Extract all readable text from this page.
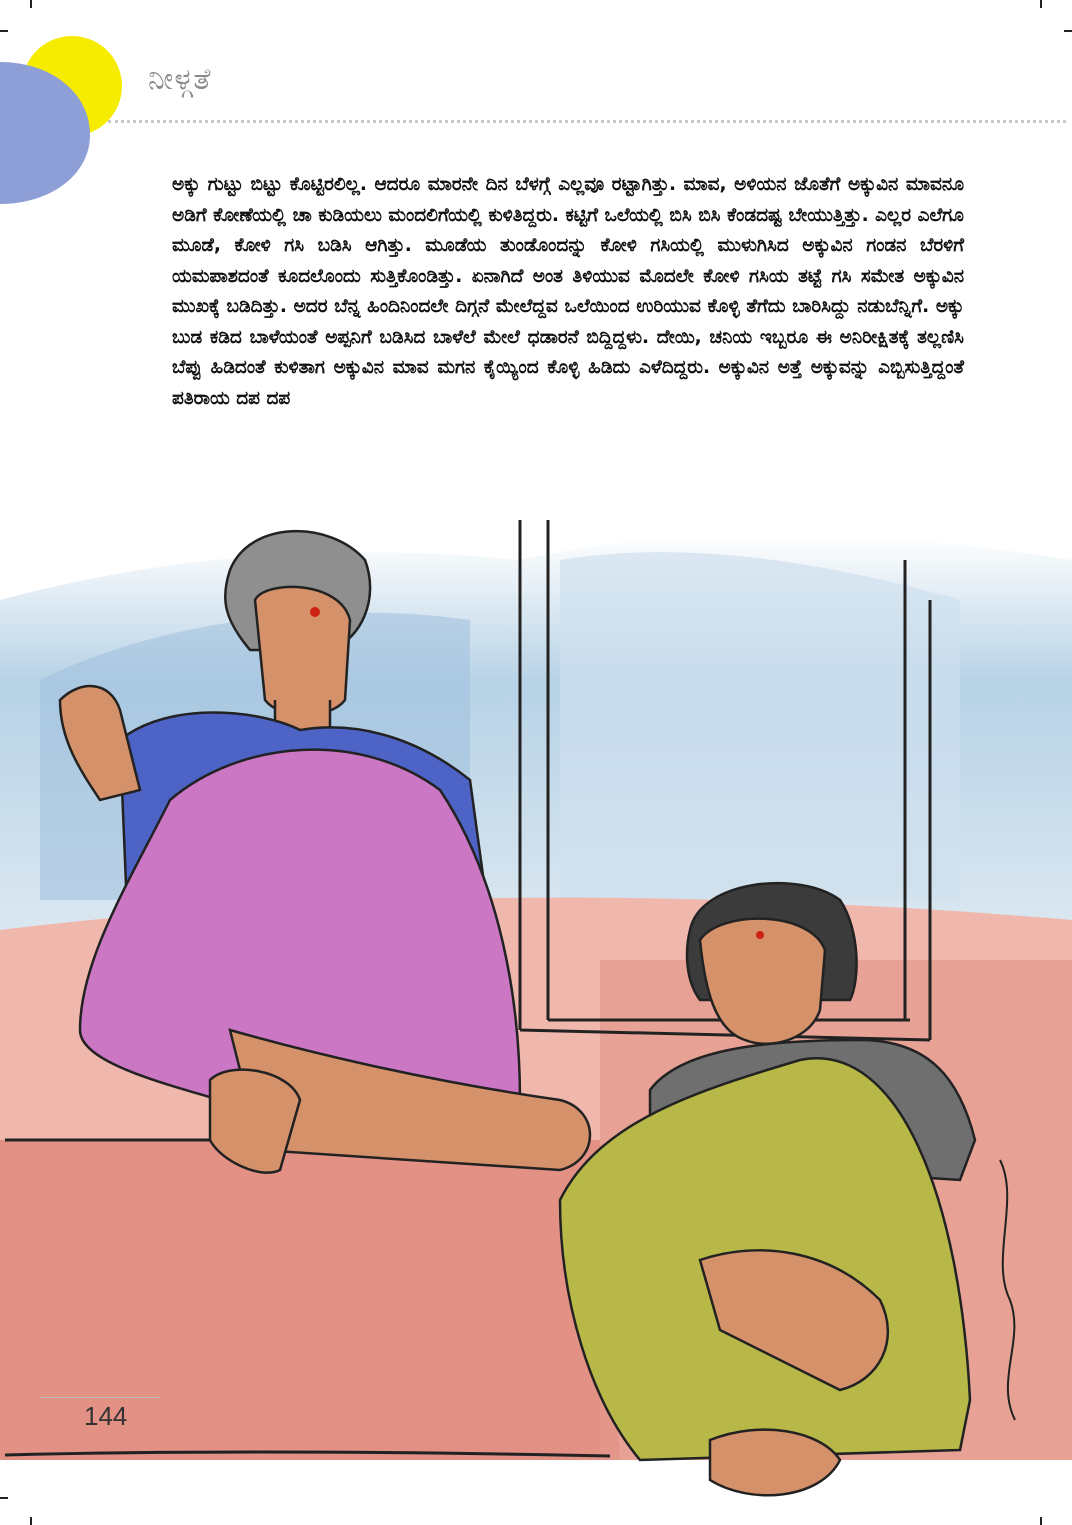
ನೀಳ್ಗತೆ

ಅಕ್ಕು ಗುಟ್ಟು ಬಿಟ್ಟು ಕೊಟ್ಟಿರಲಿಲ್ಲ. ಆದರೂ ಮಾರನೇ ದಿನ ಬೆಳಗ್ಗೆ ಎಲ್ಲವೂ ರಟ್ಟಾಗಿತ್ತು. ಮಾವ, ಅಳಿಯನ ಜೊತೆಗೆ ಅಕ್ಕುವಿನ ಮಾವನೂ ಅಡಿಗೆ ಕೋಣೆಯಲ್ಲಿ ಚಾ ಕುಡಿಯಲು ಮಂದಲಿಗೆಯಲ್ಲಿ ಕುಳಿತಿದ್ದರು. ಕಟ್ಟಿಗೆ ಒಲೆಯಲ್ಲಿ ಬಿಸಿ ಬಿಸಿ ಕೆಂಡದಷ್ಟ ಬೇಯುತ್ತಿತ್ತು. ಎಲ್ಲರ ಎಲೆಗೂ ಮೂಡೆ, ಕೋಳಿ ಗಸಿ ಬಡಿಸಿ ಆಗಿತ್ತು. ಮೂಡೆಯ ತುಂಡೊಂದನ್ನು ಕೋಳಿ ಗಸಿಯಲ್ಲಿ ಮುಳುಗಿಸಿದ ಅಕ್ಕುವಿನ ಗಂಡನ ಬೆರಳಿಗೆ ಯಮಪಾಶದಂತೆ ಕೂದಲೊಂದು ಸುತ್ತಿಕೊಂಡಿತ್ತು. ಏನಾಗಿದೆ ಅಂತ ತಿಳಿಯುವ ಮೊದಲೇ ಕೋಳಿ ಗಸಿಯ ತಟ್ಟೆ ಗಸಿ ಸಮೇತ ಅಕ್ಕುವಿನ ಮುಖಕ್ಕೆ ಬಡಿದಿತ್ತು. ಅದರ ಬೆನ್ನ ಹಿಂದಿನಿಂದಲೇ ದಿಗ್ಗನೆ ಮೇಲೆದ್ದವ ಒಲೆಯಿಂದ ಉರಿಯುವ ಕೊಳ್ಳಿ ತೆಗೆದು ಬಾರಿಸಿದ್ದು ನಡುಬೆನ್ನಿಗೆ. ಅಕ್ಕು ಬುಡ ಕಡಿದ ಬಾಳೆಯಂತೆ ಅಪ್ಪನಿಗೆ ಬಡಿಸಿದ ಬಾಳೆಲೆ ಮೇಲೆ ಧಡಾರನೆ ಬಿದ್ದಿದ್ದಳು. ದೇಯಿ, ಚನಿಯ ಇಬ್ಬರೂ ಈ ಅನಿರೀಕ್ಷಿತಕ್ಕೆ ತಲ್ಲಣಿಸಿ ಬೆಪ್ಪು ಹಿಡಿದಂತೆ ಕುಳಿತಾಗ ಅಕ್ಕುವಿನ ಮಾವ ಮಗನ ಕೈಯ್ಯಿಂದ ಕೊಳ್ಳಿ ಹಿಡಿದು ಎಳೆದಿದ್ದರು. ಅಕ್ಕುವಿನ ಅತ್ತೆ ಅಕ್ಕುವನ್ನು ಎಬ್ಬಿಸುತ್ತಿದ್ದಂತೆ ಪತಿರಾಯ ದಪ ದಪ

144
